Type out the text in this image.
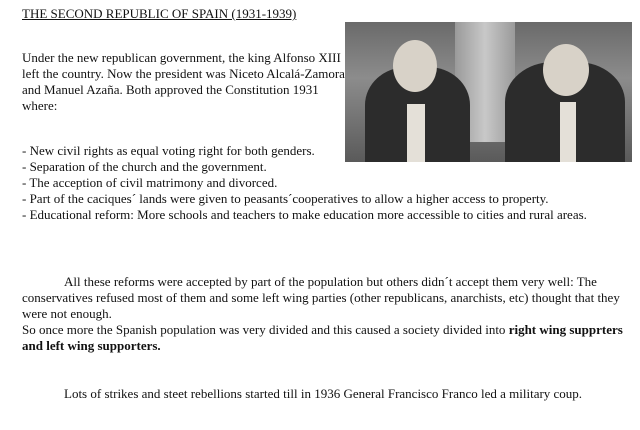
THE SECOND REPUBLIC OF SPAIN (1931-1939)

Under the new republican government, the king Alfonso XIII left the country. Now the president was Niceto Alcalá-Zamora and Manuel Azaña. Both approved the Constitution 1931 where:

- New civil rights as equal voting right for both genders.
- Separation of the church and the government.
- The acception of civil matrimony and divorced.
- Part of the caciques´ lands were given to peasants´cooperatives to allow a higher access to property.
- Educational reform: More schools and teachers to make education more accessible to cities and rural areas.
All these reforms were accepted by part of the population but others didn´t accept them very well: The conservatives refused most of them and some left wing parties (other republicans, anarchists, etc) thought that they were not enough.
So once more the Spanish population was very divided and this caused a society divided into right wing supprters and left wing supporters.

Lots of strikes and steet rebellions started till in 1936 General Francisco Franco led a military coup.
